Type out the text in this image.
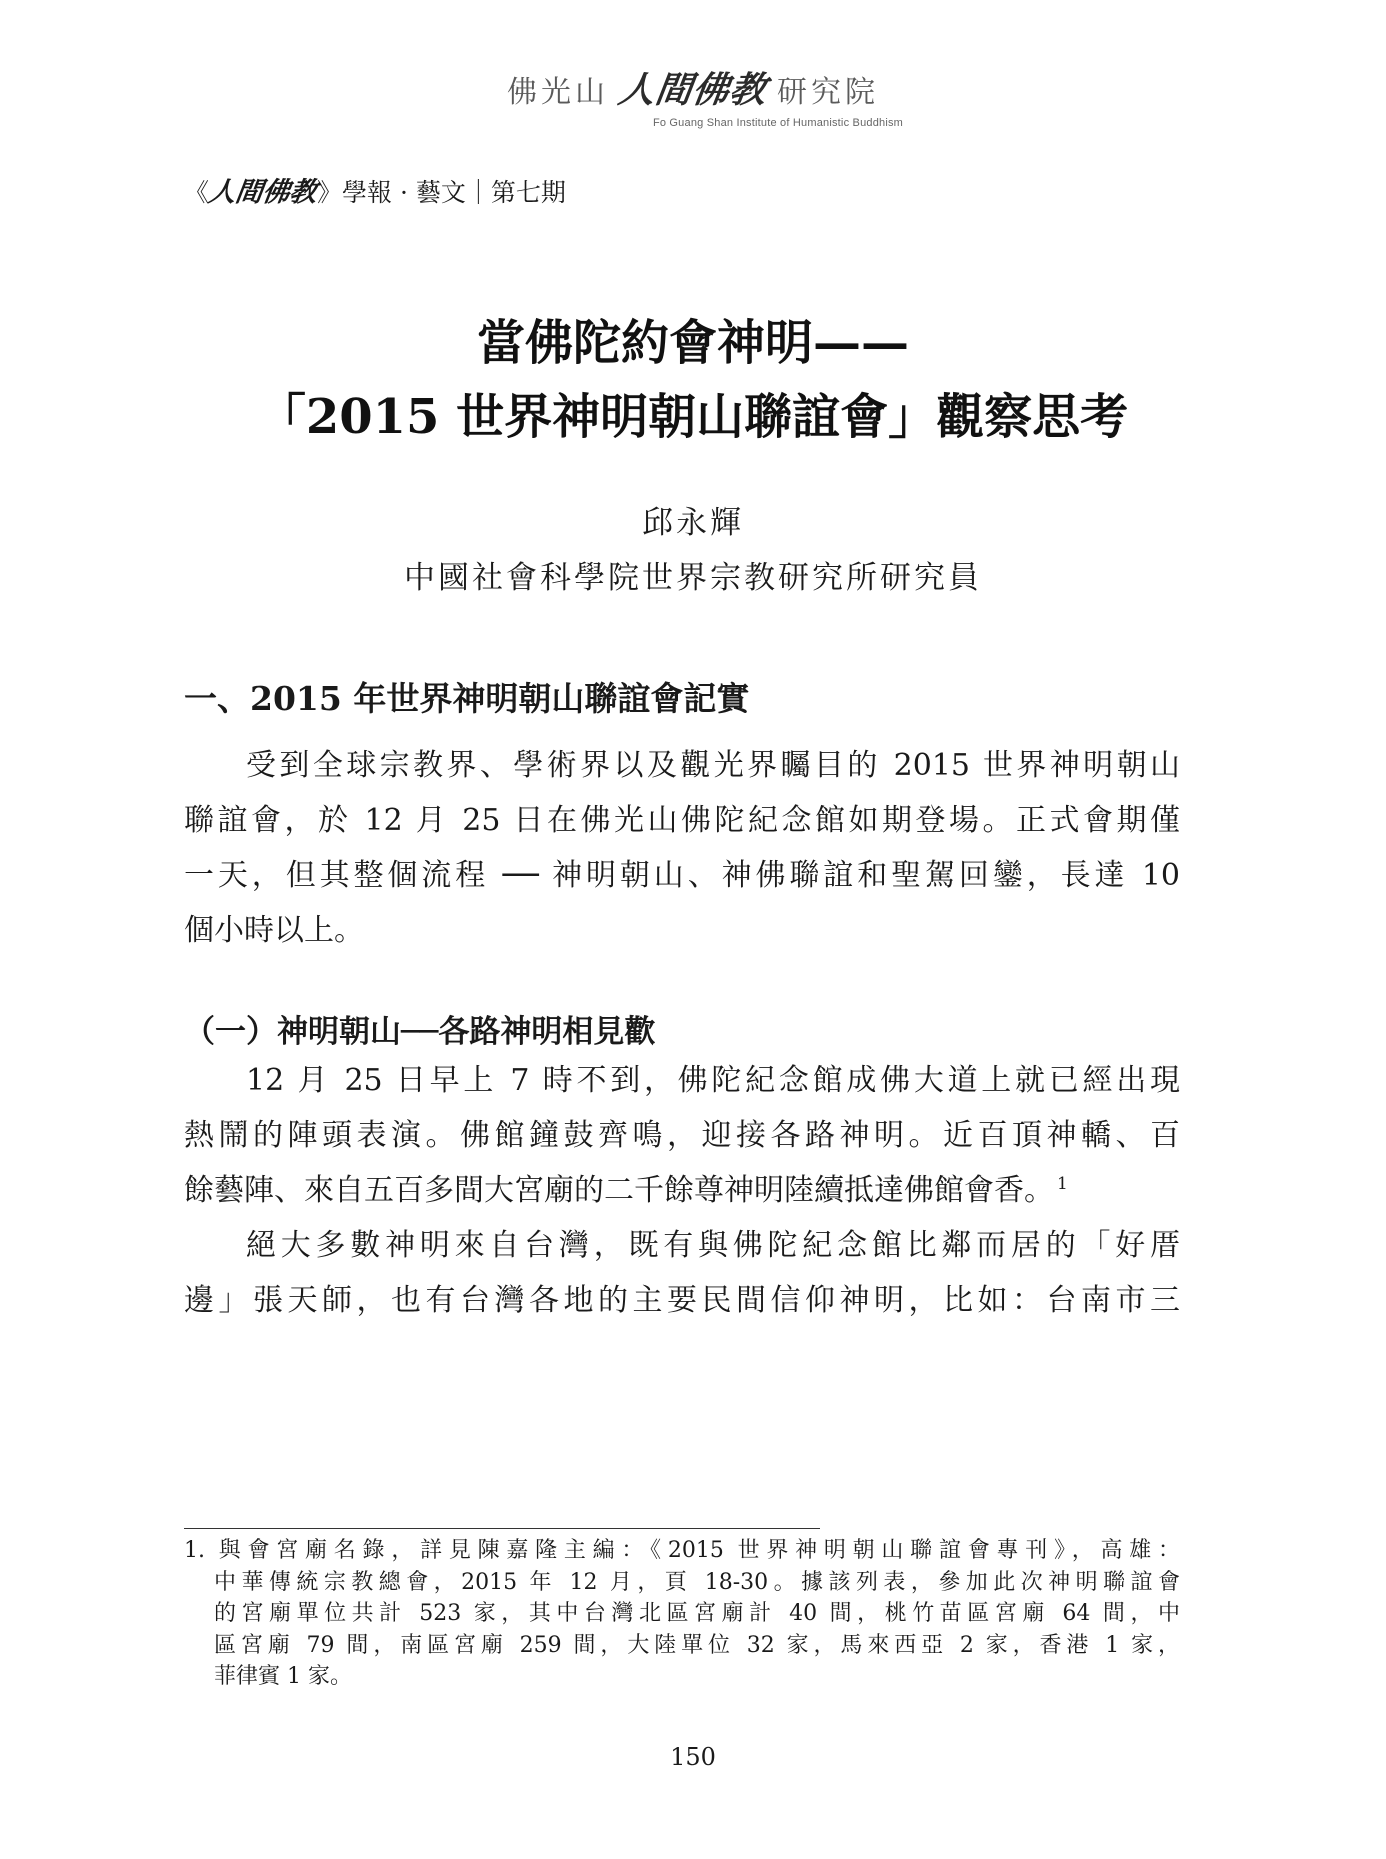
佛光山 人間佛教 研究院
Fo Guang Shan Institute of Humanistic Buddhism
《
人間佛教
》學報 · 藝文｜第七期
當佛陀約會神明——
「2015 世界神明朝山聯誼會」觀察思考
邱永輝
中國社會科學院世界宗教研究所研究員
一、2015 年世界神明朝山聯誼會記實
受到全球宗教界、學術界以及觀光界矚目的 2015 世界神明朝山
聯誼會，於 12 月 25 日在佛光山佛陀紀念館如期登場。正式會期僅
一天，但其整個流程 ── 神明朝山、神佛聯誼和聖駕回鑾，長達 10
個小時以上。
（一）神明朝山──各路神明相見歡
12 月 25 日早上 7 時不到，佛陀紀念館成佛大道上就已經出現
熱鬧的陣頭表演。佛館鐘鼓齊鳴，迎接各路神明。近百頂神轎、百
餘藝陣、來自五百多間大宮廟的二千餘尊神明陸續抵達佛館會香。 $^1$
絕大多數神明來自台灣，既有與佛陀紀念館比鄰而居的「好厝
邊」張天師，也有台灣各地的主要民間信仰神明，比如：台南市三
1. 與會宮廟名錄，詳見陳嘉隆主編：《2015 世界神明朝山聯誼會專刊》，高雄：
中華傳統宗教總會，2015 年 12 月，頁 18-30。據該列表，參加此次神明聯誼會
的宮廟單位共計 523 家，其中台灣北區宮廟計 40 間，桃竹苗區宮廟 64 間，中
區宮廟 79 間，南區宮廟 259 間，大陸單位 32 家，馬來西亞 2 家，香港 1 家，
菲律賓 1 家。
150
